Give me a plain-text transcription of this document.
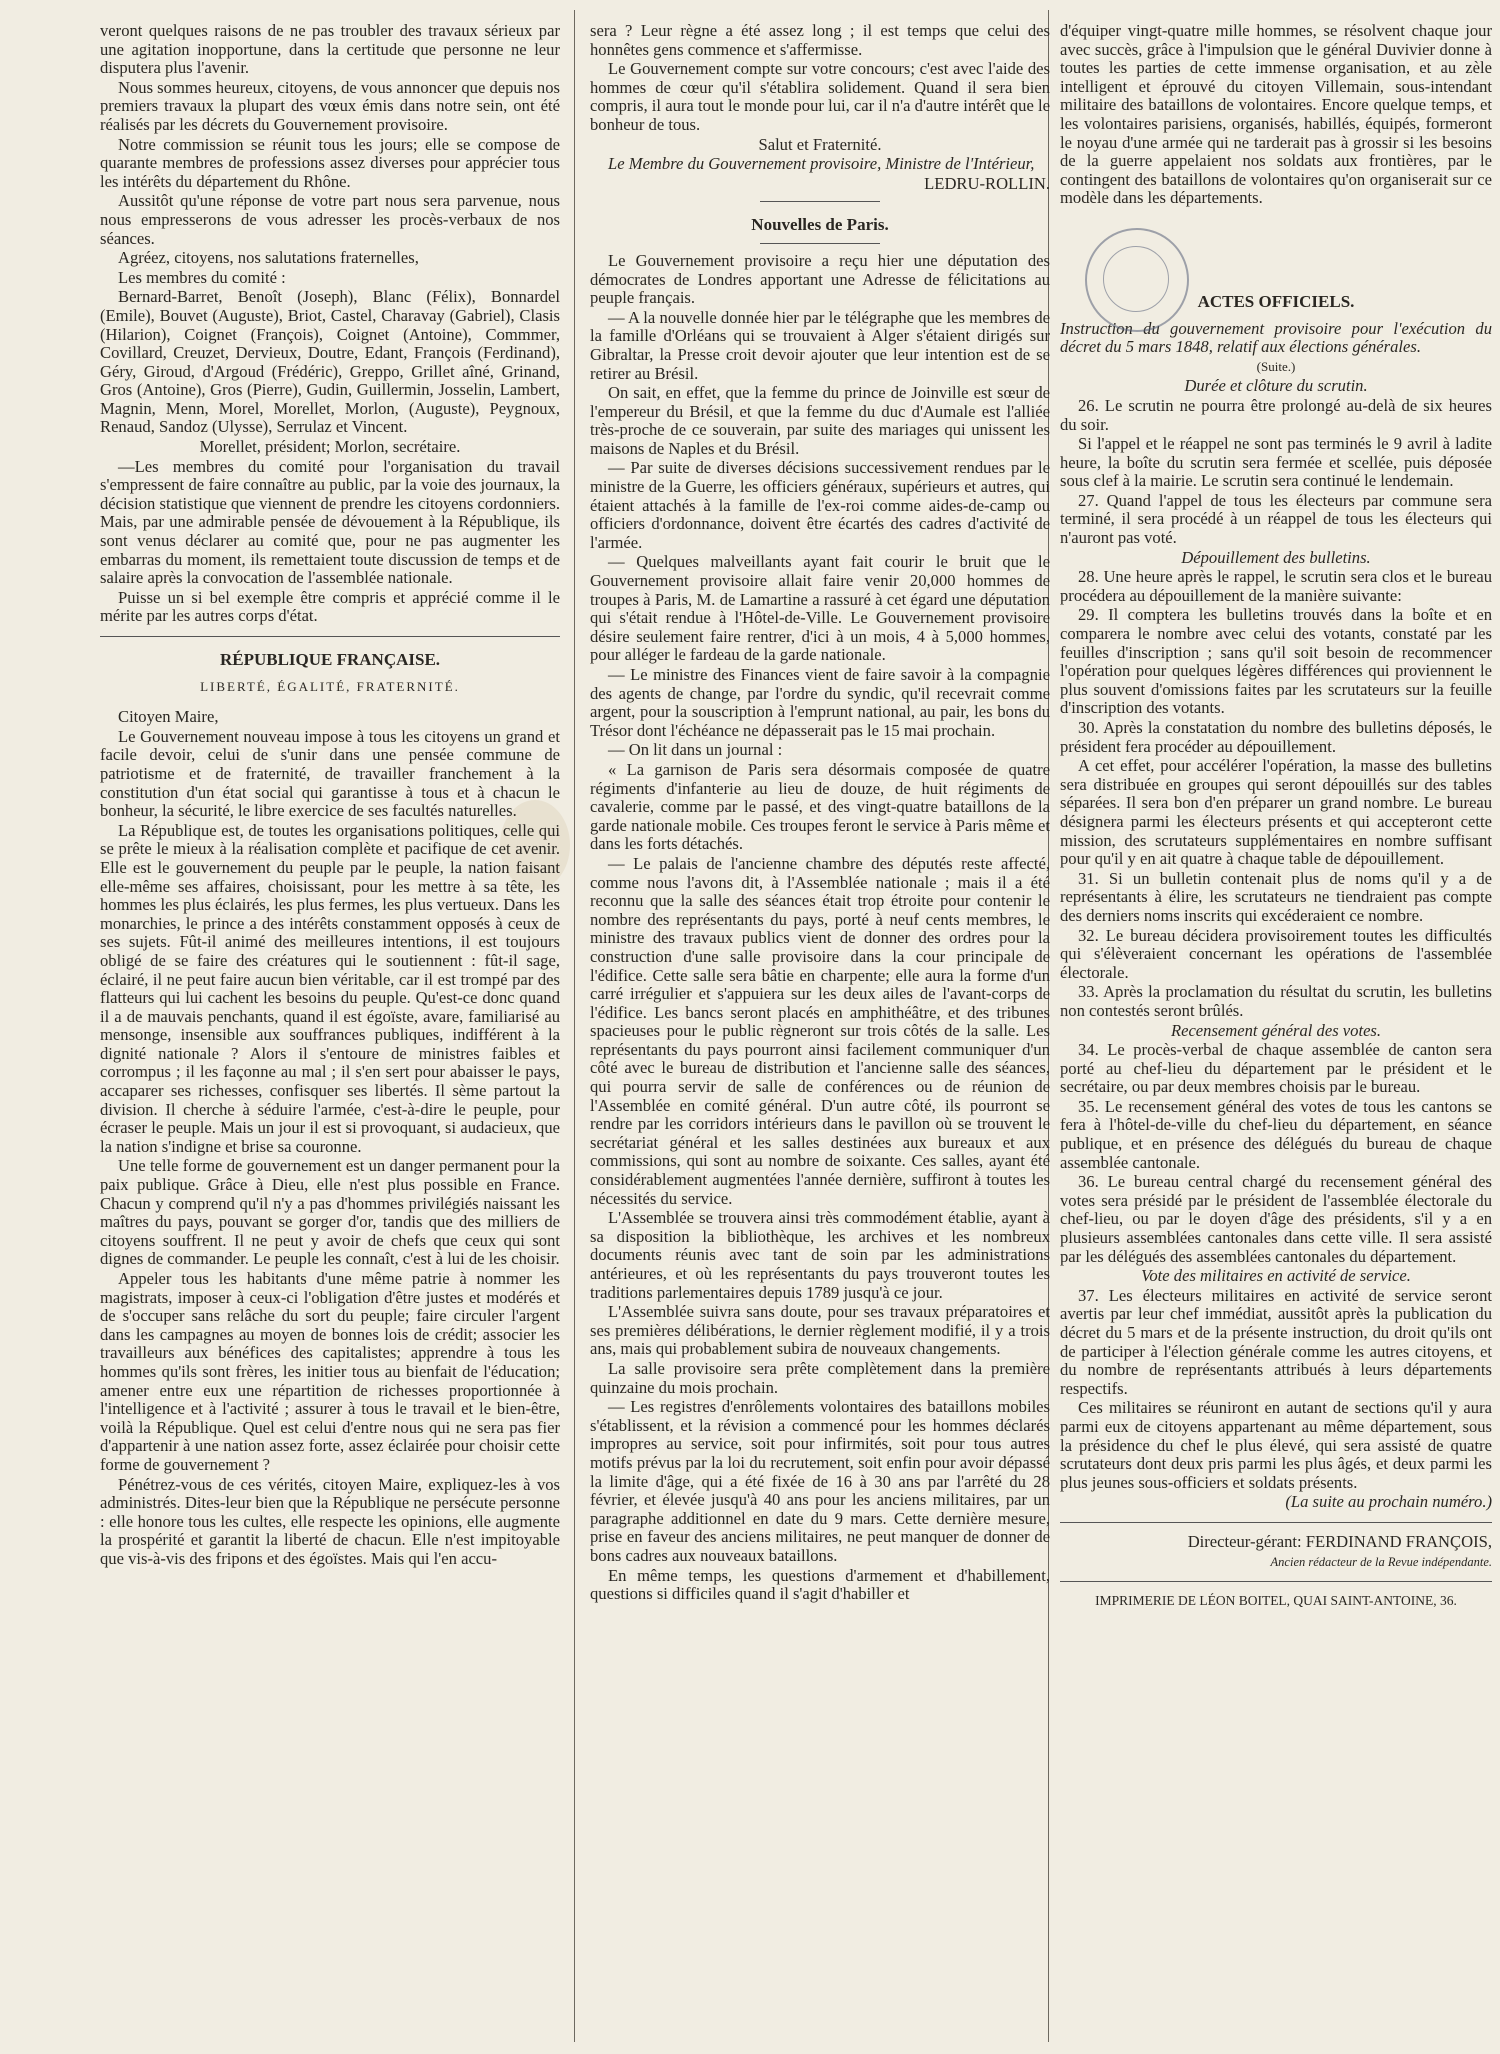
veront quelques raisons de ne pas troubler des travaux sérieux par une agitation inopportune, dans la certitude que personne ne leur disputera plus l'avenir.

Nous sommes heureux, citoyens, de vous annoncer que depuis nos premiers travaux la plupart des vœux émis dans notre sein, ont été réalisés par les décrets du Gouvernement provisoire.

Notre commission se réunit tous les jours; elle se compose de quarante membres de professions assez diverses pour apprécier tous les intérêts du département du Rhône.

Aussitôt qu'une réponse de votre part nous sera parvenue, nous nous empresserons de vous adresser les procès-verbaux de nos séances.

Agréez, citoyens, nos salutations fraternelles,

Les membres du comité :

Bernard-Barret, Benoît (Joseph), Blanc (Félix), Bonnardel (Emile), Bouvet (Auguste), Briot, Castel, Charavay (Gabriel), Clasis (Hilarion), Coignet (François), Coignet (Antoine), Commmer, Covillard, Creuzet, Dervieux, Doutre, Edant, François (Ferdinand), Géry, Giroud, d'Argoud (Frédéric), Greppo, Grillet aîné, Grinand, Gros (Antoine), Gros (Pierre), Gudin, Guillermin, Josselin, Lambert, Magnin, Menn, Morel, Morellet, Morlon, (Auguste), Peygnoux, Renaud, Sandoz (Ulysse), Serrulaz et Vincent.

Morellet, président; Morlon, secrétaire.

—Les membres du comité pour l'organisation du travail s'empressent de faire connaître au public, par la voie des journaux, la décision statistique que viennent de prendre les citoyens cordonniers. Mais, par une admirable pensée de dévouement à la République, ils sont venus déclarer au comité que, pour ne pas augmenter les embarras du moment, ils remettaient toute discussion de temps et de salaire après la convocation de l'assemblée nationale.

Puisse un si bel exemple être compris et apprécié comme il le mérite par les autres corps d'état.

RÉPUBLIQUE FRANÇAISE.
LIBERTÉ, ÉGALITÉ, FRATERNITÉ.

Citoyen Maire,

Le Gouvernement nouveau impose à tous les citoyens un grand et facile devoir, celui de s'unir dans une pensée commune de patriotisme et de fraternité, de travailler franchement à la constitution d'un état social qui garantisse à tous et à chacun le bonheur, la sécurité, le libre exercice de ses facultés naturelles.

La République est, de toutes les organisations politiques, celle qui se prête le mieux à la réalisation complète et pacifique de cet avenir. Elle est le gouvernement du peuple par le peuple, la nation faisant elle-même ses affaires, choisissant, pour les mettre à sa tête, les hommes les plus éclairés, les plus fermes, les plus vertueux. Dans les monarchies, le prince a des intérêts constamment opposés à ceux de ses sujets. Fût-il animé des meilleures intentions, il est toujours obligé de se faire des créatures qui le soutiennent : fût-il sage, éclairé, il ne peut faire aucun bien véritable, car il est trompé par des flatteurs qui lui cachent les besoins du peuple. Qu'est-ce donc quand il a de mauvais penchants, quand il est égoïste, avare, familiarisé au mensonge, insensible aux souffrances publiques, indifférent à la dignité nationale ? Alors il s'entoure de ministres faibles et corrompus ; il les façonne au mal ; il s'en sert pour abaisser le pays, accaparer ses richesses, confisquer ses libertés. Il sème partout la division. Il cherche à séduire l'armée, c'est-à-dire le peuple, pour écraser le peuple. Mais un jour il est si provoquant, si audacieux, que la nation s'indigne et brise sa couronne.

Une telle forme de gouvernement est un danger permanent pour la paix publique. Grâce à Dieu, elle n'est plus possible en France. Chacun y comprend qu'il n'y a pas d'hommes privilégiés naissant les maîtres du pays, pouvant se gorger d'or, tandis que des milliers de citoyens souffrent. Il ne peut y avoir de chefs que ceux qui sont dignes de commander. Le peuple les connaît, c'est à lui de les choisir.

Appeler tous les habitants d'une même patrie à nommer les magistrats, imposer à ceux-ci l'obligation d'être justes et modérés et de s'occuper sans relâche du sort du peuple; faire circuler l'argent dans les campagnes au moyen de bonnes lois de crédit; associer les travailleurs aux bénéfices des capitalistes; apprendre à tous les hommes qu'ils sont frères, les initier tous au bienfait de l'éducation; amener entre eux une répartition de richesses proportionnée à l'intelligence et à l'activité ; assurer à tous le travail et le bien-être, voilà la République. Quel est celui d'entre nous qui ne sera pas fier d'appartenir à une nation assez forte, assez éclairée pour choisir cette forme de gouvernement ?

Pénétrez-vous de ces vérités, citoyen Maire, expliquez-les à vos administrés. Dites-leur bien que la République ne persécute personne : elle honore tous les cultes, elle respecte les opinions, elle augmente la prospérité et garantit la liberté de chacun. Elle n'est impitoyable que vis-à-vis des fripons et des égoïstes. Mais qui l'en accu-

sera ? Leur règne a été assez long ; il est temps que celui des honnêtes gens commence et s'affermisse.

Le Gouvernement compte sur votre concours; c'est avec l'aide des hommes de cœur qu'il s'établira solidement. Quand il sera bien compris, il aura tout le monde pour lui, car il n'a d'autre intérêt que le bonheur de tous.

Salut et Fraternité.

Le Membre du Gouvernement provisoire, Ministre de l'Intérieur,

LEDRU-ROLLIN.

Nouvelles de Paris.

Le Gouvernement provisoire a reçu hier une députation des démocrates de Londres apportant une Adresse de félicitations au peuple français.

— A la nouvelle donnée hier par le télégraphe que les membres de la famille d'Orléans qui se trouvaient à Alger s'étaient dirigés sur Gibraltar, la Presse croit devoir ajouter que leur intention est de se retirer au Brésil.

On sait, en effet, que la femme du prince de Joinville est sœur de l'empereur du Brésil, et que la femme du duc d'Aumale est l'alliée très-proche de ce souverain, par suite des mariages qui unissent les maisons de Naples et du Brésil.

— Par suite de diverses décisions successivement rendues par le ministre de la Guerre, les officiers généraux, supérieurs et autres, qui étaient attachés à la famille de l'ex-roi comme aides-de-camp ou officiers d'ordonnance, doivent être écartés des cadres d'activité de l'armée.

— Quelques malveillants ayant fait courir le bruit que le Gouvernement provisoire allait faire venir 20,000 hommes de troupes à Paris, M. de Lamartine a rassuré à cet égard une députation qui s'était rendue à l'Hôtel-de-Ville. Le Gouvernement provisoire désire seulement faire rentrer, d'ici à un mois, 4 à 5,000 hommes, pour alléger le fardeau de la garde nationale.

— Le ministre des Finances vient de faire savoir à la compagnie des agents de change, par l'ordre du syndic, qu'il recevrait comme argent, pour la souscription à l'emprunt national, au pair, les bons du Trésor dont l'échéance ne dépasserait pas le 15 mai prochain.

— On lit dans un journal :

« La garnison de Paris sera désormais composée de quatre régiments d'infanterie au lieu de douze, de huit régiments de cavalerie, comme par le passé, et des vingt-quatre bataillons de la garde nationale mobile. Ces troupes feront le service à Paris même et dans les forts détachés.

— Le palais de l'ancienne chambre des députés reste affecté, comme nous l'avons dit, à l'Assemblée nationale ; mais il a été reconnu que la salle des séances était trop étroite pour contenir le nombre des représentants du pays, porté à neuf cents membres, le ministre des travaux publics vient de donner des ordres pour la construction d'une salle provisoire dans la cour principale de l'édifice. Cette salle sera bâtie en charpente; elle aura la forme d'un carré irrégulier et s'appuiera sur les deux ailes de l'avant-corps de l'édifice. Les bancs seront placés en amphithéâtre, et des tribunes spacieuses pour le public règneront sur trois côtés de la salle. Les représentants du pays pourront ainsi facilement communiquer d'un côté avec le bureau de distribution et l'ancienne salle des séances, qui pourra servir de salle de conférences ou de réunion de l'Assemblée en comité général. D'un autre côté, ils pourront se rendre par les corridors intérieurs dans le pavillon où se trouvent le secrétariat général et les salles destinées aux bureaux et aux commissions, qui sont au nombre de soixante. Ces salles, ayant été considérablement augmentées l'année dernière, suffiront à toutes les nécessités du service.

L'Assemblée se trouvera ainsi très commodément établie, ayant à sa disposition la bibliothèque, les archives et les nombreux documents réunis avec tant de soin par les administrations antérieures, et où les représentants du pays trouveront toutes les traditions parlementaires depuis 1789 jusqu'à ce jour.

L'Assemblée suivra sans doute, pour ses travaux préparatoires et ses premières délibérations, le dernier règlement modifié, il y a trois ans, mais qui probablement subira de nouveaux changements.

La salle provisoire sera prête complètement dans la première quinzaine du mois prochain.

— Les registres d'enrôlements volontaires des bataillons mobiles s'établissent, et la révision a commencé pour les hommes déclarés impropres au service, soit pour infirmités, soit pour tous autres motifs prévus par la loi du recrutement, soit enfin pour avoir dépassé la limite d'âge, qui a été fixée de 16 à 30 ans par l'arrêté du 28 février, et élevée jusqu'à 40 ans pour les anciens militaires, par un paragraphe additionnel en date du 9 mars. Cette dernière mesure, prise en faveur des anciens militaires, ne peut manquer de donner de bons cadres aux nouveaux bataillons.

En même temps, les questions d'armement et d'habillement, questions si difficiles quand il s'agit d'habiller et

d'équiper vingt-quatre mille hommes, se résolvent chaque jour avec succès, grâce à l'impulsion que le général Duvivier donne à toutes les parties de cette immense organisation, et au zèle intelligent et éprouvé du citoyen Villemain, sous-intendant militaire des bataillons de volontaires. Encore quelque temps, et les volontaires parisiens, organisés, habillés, équipés, formeront le noyau d'une armée qui ne tarderait pas à grossir si les besoins de la guerre appelaient nos soldats aux frontières, par le contingent des bataillons de volontaires qu'on organiserait sur ce modèle dans les départements.

ACTES OFFICIELS.

Instruction du gouvernement provisoire pour l'exécution du décret du 5 mars 1848, relatif aux élections générales.

(Suite.)

Durée et clôture du scrutin.

26. Le scrutin ne pourra être prolongé au-delà de six heures du soir.

Si l'appel et le réappel ne sont pas terminés le 9 avril à ladite heure, la boîte du scrutin sera fermée et scellée, puis déposée sous clef à la mairie. Le scrutin sera continué le lendemain.

27. Quand l'appel de tous les électeurs par commune sera terminé, il sera procédé à un réappel de tous les électeurs qui n'auront pas voté.

Dépouillement des bulletins.

28. Une heure après le rappel, le scrutin sera clos et le bureau procédera au dépouillement de la manière suivante:

29. Il comptera les bulletins trouvés dans la boîte et en comparera le nombre avec celui des votants, constaté par les feuilles d'inscription ; sans qu'il soit besoin de recommencer l'opération pour quelques légères différences qui proviennent le plus souvent d'omissions faites par les scrutateurs sur la feuille d'inscription des votants.

30. Après la constatation du nombre des bulletins déposés, le président fera procéder au dépouillement.

A cet effet, pour accélérer l'opération, la masse des bulletins sera distribuée en groupes qui seront dépouillés sur des tables séparées. Il sera bon d'en préparer un grand nombre. Le bureau désignera parmi les électeurs présents et qui accepteront cette mission, des scrutateurs supplémentaires en nombre suffisant pour qu'il y en ait quatre à chaque table de dépouillement.

31. Si un bulletin contenait plus de noms qu'il y a de représentants à élire, les scrutateurs ne tiendraient pas compte des derniers noms inscrits qui excéderaient ce nombre.

32. Le bureau décidera provisoirement toutes les difficultés qui s'élèveraient concernant les opérations de l'assemblée électorale.

33. Après la proclamation du résultat du scrutin, les bulletins non contestés seront brûlés.

Recensement général des votes.

34. Le procès-verbal de chaque assemblée de canton sera porté au chef-lieu du département par le président et le secrétaire, ou par deux membres choisis par le bureau.

35. Le recensement général des votes de tous les cantons se fera à l'hôtel-de-ville du chef-lieu du département, en séance publique, et en présence des délégués du bureau de chaque assemblée cantonale.

36. Le bureau central chargé du recensement général des votes sera présidé par le président de l'assemblée électorale du chef-lieu, ou par le doyen d'âge des présidents, s'il y a en plusieurs assemblées cantonales dans cette ville. Il sera assisté par les délégués des assemblées cantonales du département.

Vote des militaires en activité de service.

37. Les électeurs militaires en activité de service seront avertis par leur chef immédiat, aussitôt après la publication du décret du 5 mars et de la présente instruction, du droit qu'ils ont de participer à l'élection générale comme les autres citoyens, et du nombre de représentants attribués à leurs départements respectifs.

Ces militaires se réuniront en autant de sections qu'il y aura parmi eux de citoyens appartenant au même département, sous la présidence du chef le plus élevé, qui sera assisté de quatre scrutateurs dont deux pris parmi les plus âgés, et deux parmi les plus jeunes sous-officiers et soldats présents.

(La suite au prochain numéro.)

Directeur-gérant: FERDINAND FRANÇOIS,

Ancien rédacteur de la Revue indépendante.

IMPRIMERIE DE LÉON BOITEL, QUAI SAINT-ANTOINE, 36.
